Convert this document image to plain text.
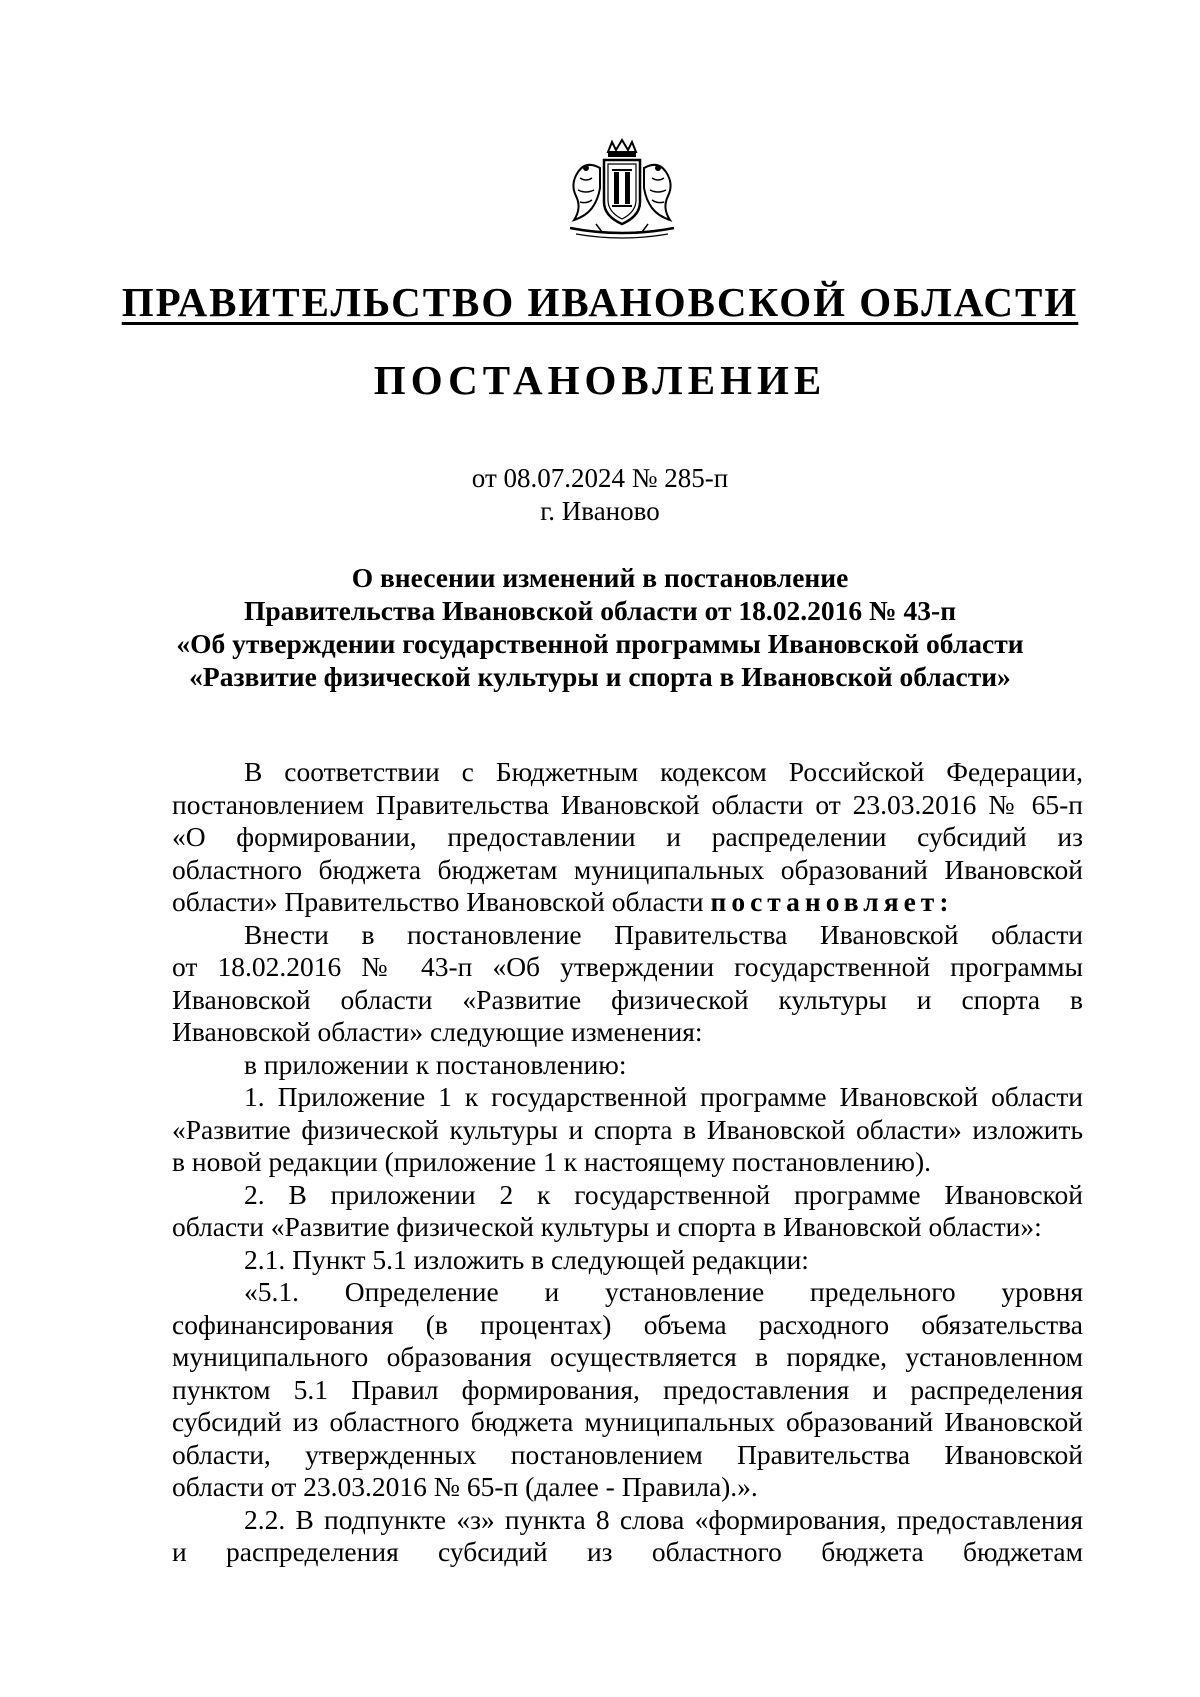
ПРАВИТЕЛЬСТВО ИВАНОВСКОЙ ОБЛАСТИ
ПОСТАНОВЛЕНИЕ
от 08.07.2024 № 285-п
г. Иваново
О внесении изменений в постановление
Правительства Ивановской области от 18.02.2016 № 43-п
«Об утверждении государственной программы Ивановской области
«Развитие физической культуры и спорта в Ивановской области»
В соответствии с Бюджетным кодексом Российской Федерации,
постановлением Правительства Ивановской области от 23.03.2016 № 65-п
«О формировании, предоставлении и распределении субсидий из
областного бюджета бюджетам муниципальных образований Ивановской
области» Правительство Ивановской области постановляет:
Внести в постановление Правительства Ивановской области
от 18.02.2016 № 43-п «Об утверждении государственной программы
Ивановской области «Развитие физической культуры и спорта в
Ивановской области» следующие изменения:
в приложении к постановлению:
1. Приложение 1 к государственной программе Ивановской области
«Развитие физической культуры и спорта в Ивановской области» изложить
в новой редакции (приложение 1 к настоящему постановлению).
2. В приложении 2 к государственной программе Ивановской
области «Развитие физической культуры и спорта в Ивановской области»:
2.1. Пункт 5.1 изложить в следующей редакции:
«5.1. Определение и установление предельного уровня
софинансирования (в процентах) объема расходного обязательства
муниципального образования осуществляется в порядке, установленном
пунктом 5.1 Правил формирования, предоставления и распределения
субсидий из областного бюджета муниципальных образований Ивановской
области, утвержденных постановлением Правительства Ивановской
области от 23.03.2016 № 65-п (далее - Правила).».
2.2. В подпункте «з» пункта 8 слова «формирования, предоставления
и распределения субсидий из областного бюджета бюджетам
